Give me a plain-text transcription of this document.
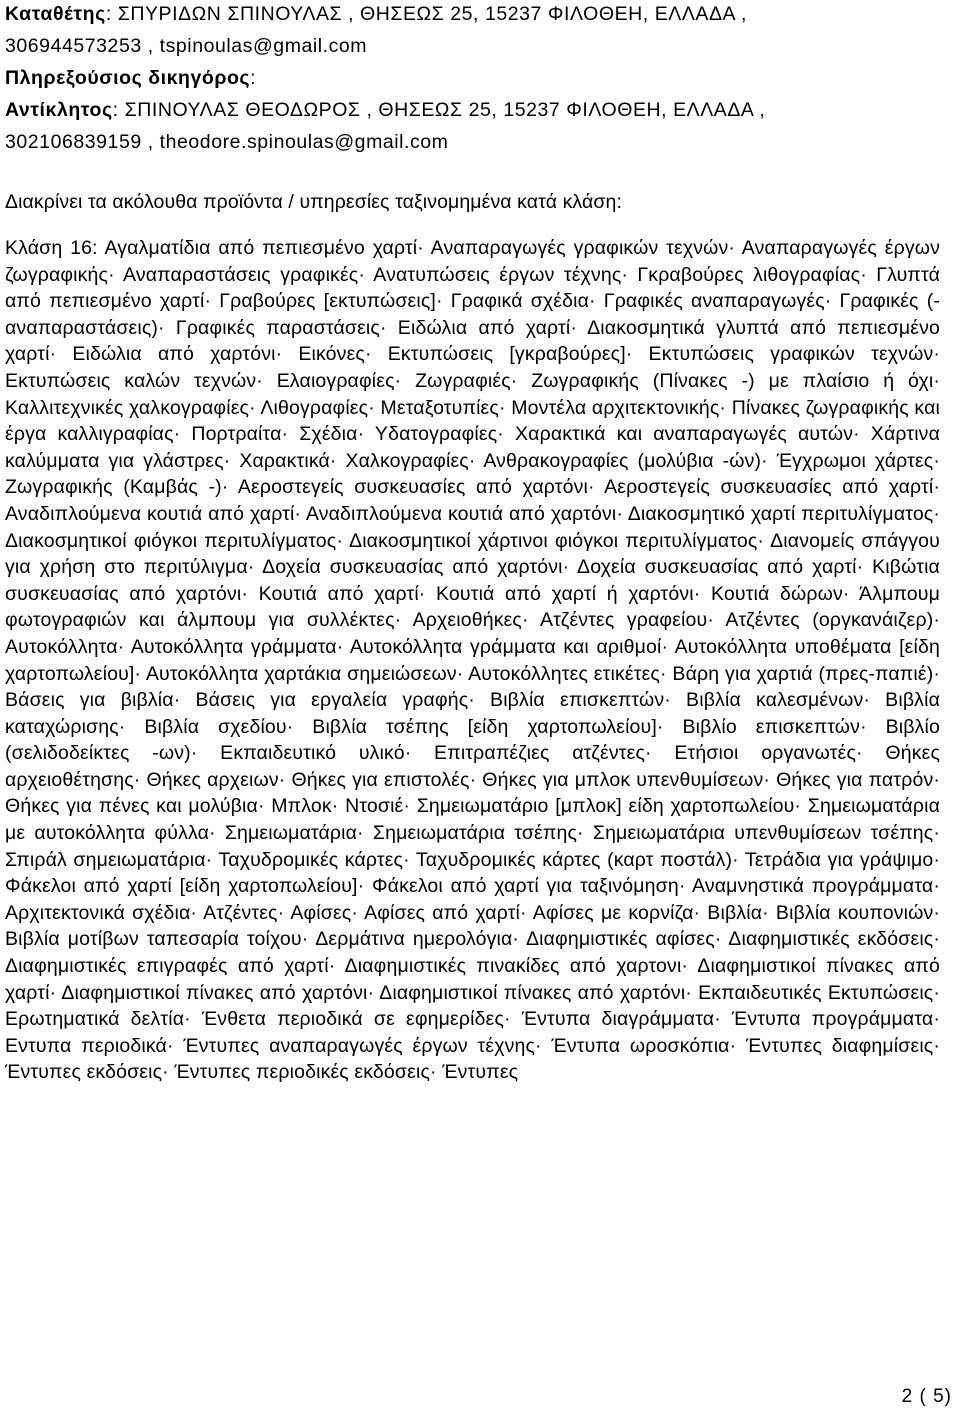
Καταθέτης: ΣΠΥΡΙΔΩΝ ΣΠΙΝΟΥΛΑΣ , ΘΗΣΕΩΣ 25, 15237 ΦΙΛΟΘΕΗ, ΕΛΛΑΔΑ ,
306944573253 , tspinoulas@gmail.com
Πληρεξούσιος δικηγόρος:
Αντίκλητος: ΣΠΙΝΟΥΛΑΣ ΘΕΟΔΩΡΟΣ , ΘΗΣΕΩΣ 25, 15237 ΦΙΛΟΘΕΗ, ΕΛΛΑΔΑ ,
302106839159 , theodore.spinoulas@gmail.com
Διακρίνει τα ακόλουθα προϊόντα / υπηρεσίες ταξινομημένα κατά κλάση:
Κλάση 16: Αγαλματίδια από πεπιεσμένο χαρτί· Αναπαραγωγές γραφικών τεχνών· Αναπαραγωγές έργων ζωγραφικής· Αναπαραστάσεις γραφικές· Ανατυπώσεις έργων τέχνης· Γκραβούρες λιθογραφίας· Γλυπτά από πεπιεσμένο χαρτί· Γραβούρες [εκτυπώσεις]· Γραφικά σχέδια· Γραφικές αναπαραγωγές· Γραφικές (- αναπαραστάσεις)· Γραφικές παραστάσεις· Ειδώλια από χαρτί· Διακοσμητικά γλυπτά από πεπιεσμένο χαρτί· Ειδώλια από χαρτόνι· Εικόνες· Εκτυπώσεις [γκραβούρες]· Εκτυπώσεις γραφικών τεχνών· Εκτυπώσεις καλών τεχνών· Ελαιογραφίες· Ζωγραφιές· Ζωγραφικής (Πίνακες -) με πλαίσιο ή όχι· Καλλιτεχνικές χαλκογραφίες· Λιθογραφίες· Μεταξοτυπίες· Μοντέλα αρχιτεκτονικής· Πίνακες ζωγραφικής και έργα καλλιγραφίας· Πορτραίτα· Σχέδια· Υδατογραφίες· Χαρακτικά και αναπαραγωγές αυτών· Χάρτινα καλύμματα για γλάστρες· Χαρακτικά· Χαλκογραφίες· Ανθρακογραφίες (μολύβια -ών)· Έγχρωμοι χάρτες· Ζωγραφικής (Καμβάς -)· Αεροστεγείς συσκευασίες από χαρτόνι· Αεροστεγείς συσκευασίες από χαρτί· Αναδιπλούμενα κουτιά από χαρτί· Αναδιπλούμενα κουτιά από χαρτόνι· Διακοσμητικό χαρτί περιτυλίγματος· Διακοσμητικοί φιόγκοι περιτυλίγματος· Διακοσμητικοί χάρτινοι φιόγκοι περιτυλίγματος· Διανομείς σπάγγου για χρήση στο περιτύλιγμα· Δοχεία συσκευασίας από χαρτόνι· Δοχεία συσκευασίας από χαρτί· Κιβώτια συσκευασίας από χαρτόνι· Κουτιά από χαρτί· Κουτιά από χαρτί ή χαρτόνι· Κουτιά δώρων· Άλμπουμ φωτογραφιών και άλμπουμ για συλλέκτες· Αρχειοθήκες· Ατζέντες γραφείου· Ατζέντες (οργκανάιζερ)· Αυτοκόλλητα· Αυτοκόλλητα γράμματα· Αυτοκόλλητα γράμματα και αριθμοί· Αυτοκόλλητα υποθέματα [είδη χαρτοπωλείου]· Αυτοκόλλητα χαρτάκια σημειώσεων· Αυτοκόλλητες ετικέτες· Βάρη για χαρτιά (πρες-παπιέ)· Βάσεις για βιβλία· Βάσεις για εργαλεία γραφής· Βιβλία επισκεπτών· Βιβλία καλεσμένων· Βιβλία καταχώρισης· Βιβλία σχεδίου· Βιβλία τσέπης [είδη χαρτοπωλείου]· Βιβλίο επισκεπτών· Βιβλίο (σελιδοδείκτες -ων)· Εκπαιδευτικό υλικό· Επιτραπέζιες ατζέντες· Ετήσιοι οργανωτές· Θήκες αρχειοθέτησης· Θήκες αρχειων· Θήκες για επιστολές· Θήκες για μπλοκ υπενθυμίσεων· Θήκες για πατρόν· Θήκες για πένες και μολύβια· Μπλοκ· Ντοσιέ· Σημειωματάριο [μπλοκ] είδη χαρτοπωλείου· Σημειωματάρια με αυτοκόλλητα φύλλα· Σημειωματάρια· Σημειωματάρια τσέπης· Σημειωματάρια υπενθυμίσεων τσέπης· Σπιράλ σημειωματάρια· Ταχυδρομικές κάρτες· Ταχυδρομικές κάρτες (καρτ ποστάλ)· Τετράδια για γράψιμο· Φάκελοι από χαρτί [είδη χαρτοπωλείου]· Φάκελοι από χαρτί για ταξινόμηση· Αναμνηστικά προγράμματα· Αρχιτεκτονικά σχέδια· Ατζέντες· Αφίσες· Αφίσες από χαρτί· Αφίσες με κορνίζα· Βιβλία· Βιβλία κουπονιών· Βιβλία μοτίβων ταπεσαρία τοίχου· Δερμάτινα ημερολόγια· Διαφημιστικές αφίσες· Διαφημιστικές εκδόσεις· Διαφημιστικές επιγραφές από χαρτί· Διαφημιστικές πινακίδες από χαρτονι· Διαφημιστικοί πίνακες από χαρτί· Διαφημιστικοί πίνακες από χαρτόνι· Διαφημιστικοί πίνακες από χαρτόνι· Εκπαιδευτικές Εκτυπώσεις· Ερωτηματικά δελτία· Ένθετα περιοδικά σε εφημερίδες· Έντυπα διαγράμματα· Έντυπα προγράμματα· Εντυπα περιοδικά· Έντυπες αναπαραγωγές έργων τέχνης· Έντυπα ωροσκόπια· Έντυπες διαφημίσεις· Έντυπες εκδόσεις· Έντυπες περιοδικές εκδόσεις· Έντυπες
2 ( 5)
